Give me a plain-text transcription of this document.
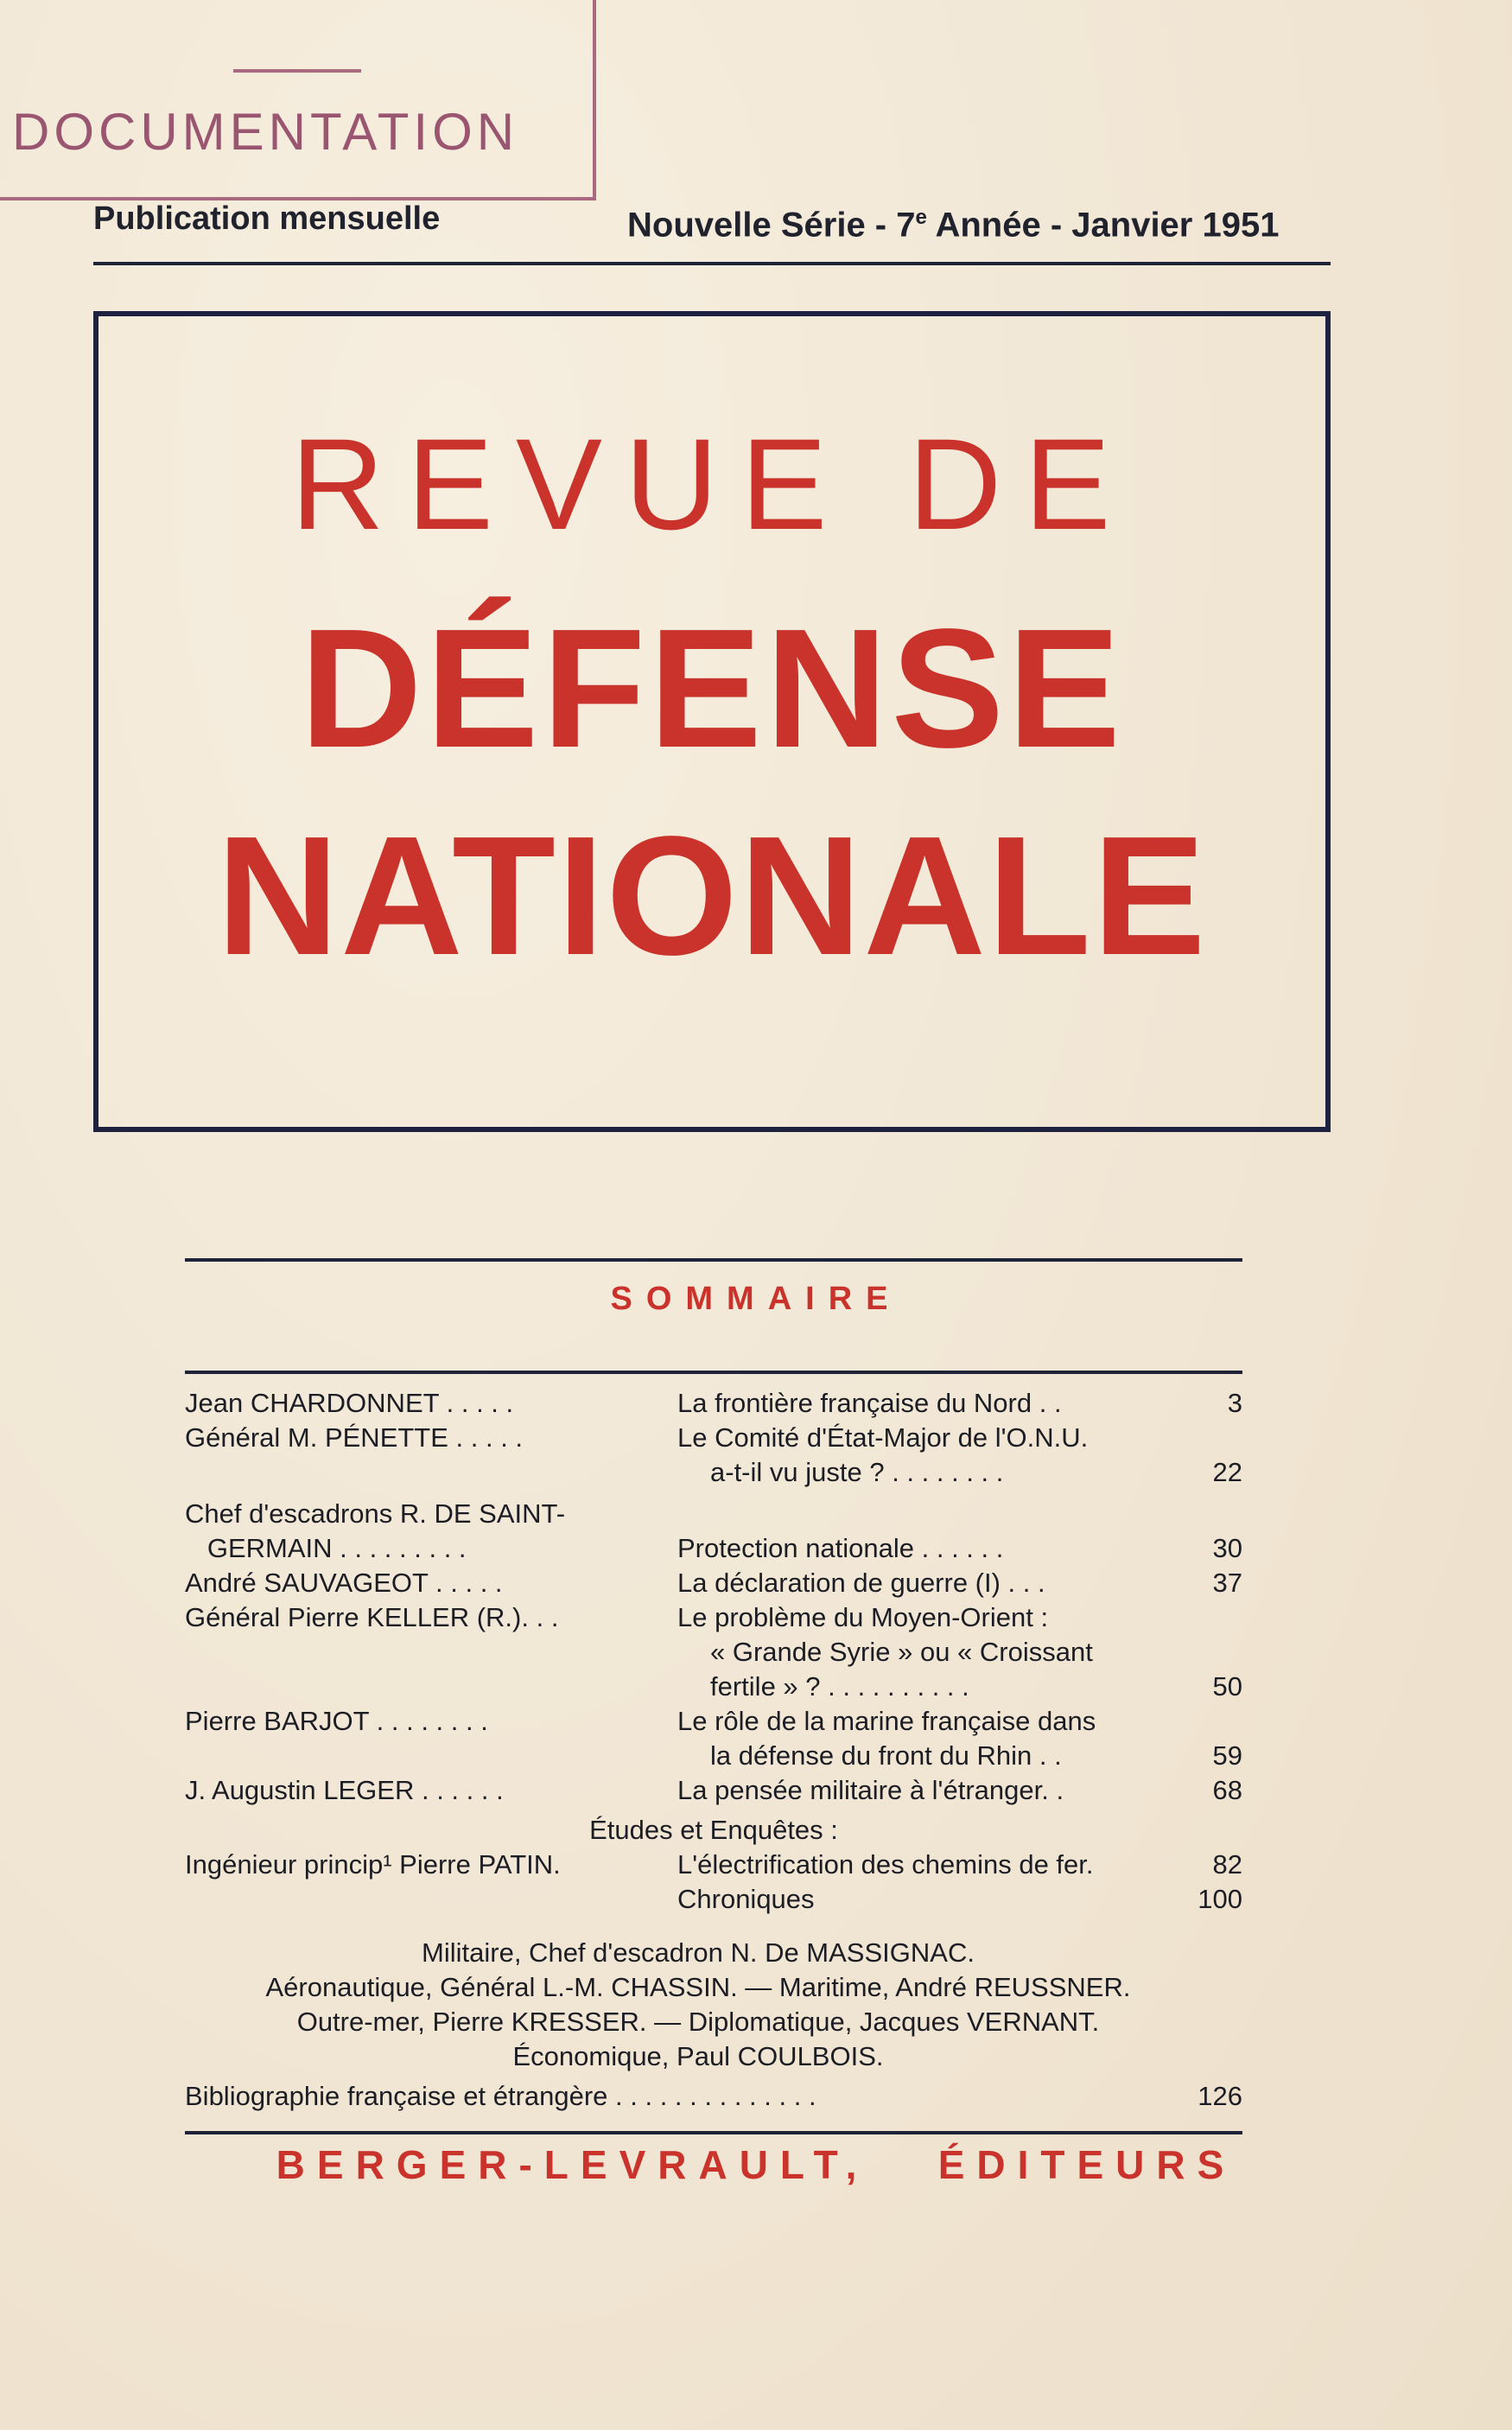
DOCUMENTATION
Publication mensuelle	Nouvelle Série - 7e Année - Janvier 1951
REVUE DE
DÉFENSE
NATIONALE
SOMMAIRE
Jean CHARDONNET . . . . .	La frontière française du Nord . .	3
Général M. PÉNETTE . . . . .	Le Comité d'État-Major de l'O.N.U.
a-t-il vu juste ? . . . . . . . .	22
Chef d'escadrons R. DE SAINT-
GERMAIN . . . . . . . . .	Protection nationale . . . . . .	30
André SAUVAGEOT . . . . .	La déclaration de guerre (I) . . .	37
Général Pierre KELLER (R.). . .	Le problème du Moyen-Orient :
« Grande Syrie » ou « Croissant
fertile » ? . . . . . . . . . .	50
Pierre BARJOT . . . . . . . .	Le rôle de la marine française dans
la défense du front du Rhin . .	59
J. Augustin LEGER . . . . . .	La pensée militaire à l'étranger. .	68
Études et Enquêtes :
Ingénieur princip¹ Pierre PATIN.	L'électrification des chemins de fer.	82
Chroniques	100
Militaire, Chef d'escadron N. De MASSIGNAC.
Aéronautique, Général L.-M. CHASSIN. — Maritime, André REUSSNER.
Outre-mer, Pierre KRESSER. — Diplomatique, Jacques VERNANT.
Économique, Paul COULBOIS.
Bibliographie française et étrangère . . . . . . . . . . . . . .	126
BERGER-LEVRAULT,   ÉDITEURS
